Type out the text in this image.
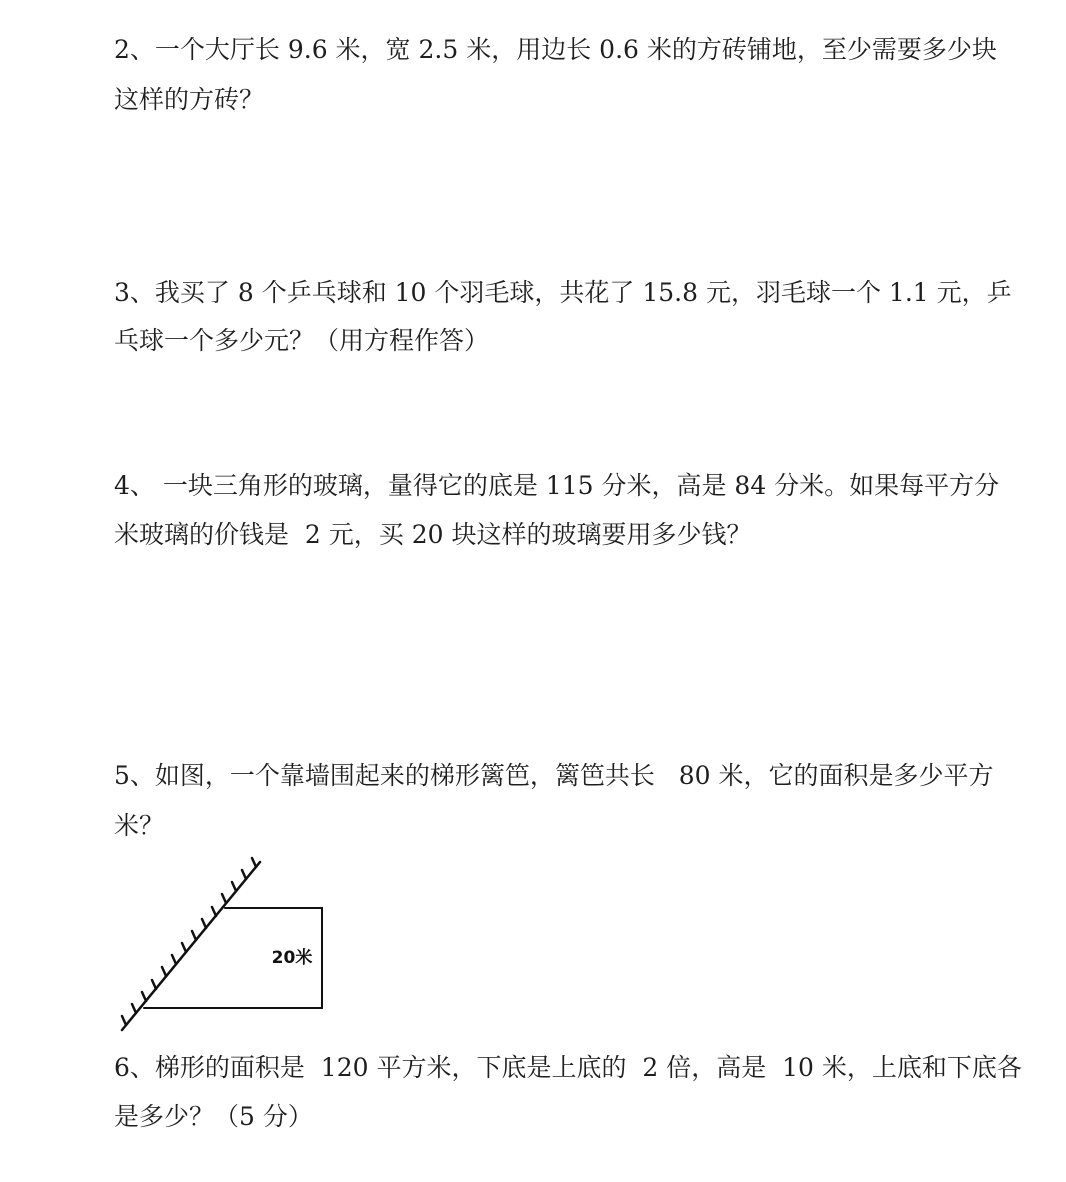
2、一个大厅长 9.6 米，宽 2.5 米，用边长 0.6 米的方砖铺地，至少需要多少块
这样的方砖？
3、我买了 8 个乒乓球和 10 个羽毛球，共花了 15.8 元，羽毛球一个 1.1 元，乒
乓球一个多少元？（用方程作答）
4、 一块三角形的玻璃，量得它的底是 115 分米，高是 84 分米。如果每平方分
米玻璃的价钱是  2 元，买 20 块这样的玻璃要用多少钱？
5、如图，一个靠墙围起来的梯形篱笆，篱笆共长   80 米，它的面积是多少平方
米？
20米
6、梯形的面积是  120 平方米，下底是上底的  2 倍，高是  10 米，上底和下底各
是多少？（5 分）
